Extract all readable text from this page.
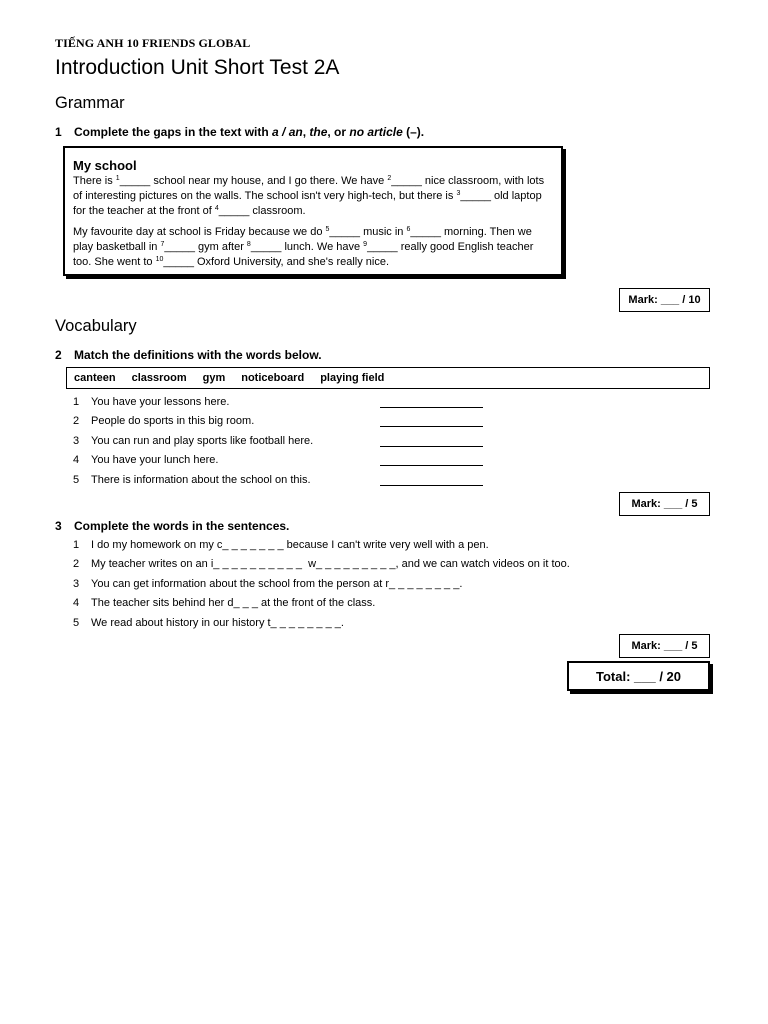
TIẾNG ANH 10 FRIENDS GLOBAL
Introduction Unit Short Test 2A
Grammar
1 Complete the gaps in the text with a / an, the, or no article (–).
My school

There is $^1$_____ school near my house, and I go there. We have $^2$_____ nice classroom, with lots of interesting pictures on the walls. The school isn't very high-tech, but there is $^3$_____ old laptop for the teacher at the front of $^4$_____ classroom.

My favourite day at school is Friday because we do $^5$_____ music in $^6$_____ morning. Then we play basketball in $^7$_____ gym after $^8$_____ lunch. We have $^9$_____ really good English teacher too. She went to $^{10}$_____ Oxford University, and she's really nice.

Mark: ___ / 10
Vocabulary
2 Match the definitions with the words below.
canteen classroom gym noticeboard playing field
1	You have your lessons here.
2	People do sports in this big room.
3	You can run and play sports like football here.
4	You have your lunch here.
5	There is information about the school on this.
Mark: ___ / 5
3 Complete the words in the sentences.
1	I do my homework on my c_ _ _ _ _ _ _ because I can't write very well with a pen.
2	My teacher writes on an i_ _ _ _ _ _ _ _ _ _  w_ _ _ _ _ _ _ _ _, and we can watch videos on it too.
3	You can get information about the school from the person at r_ _ _ _ _ _ _ _.
4	The teacher sits behind her d_ _ _ at the front of the class.
5	We read about history in our history t_ _ _ _ _ _ _ _.
Mark: ___ / 5
Total: ___ / 20
